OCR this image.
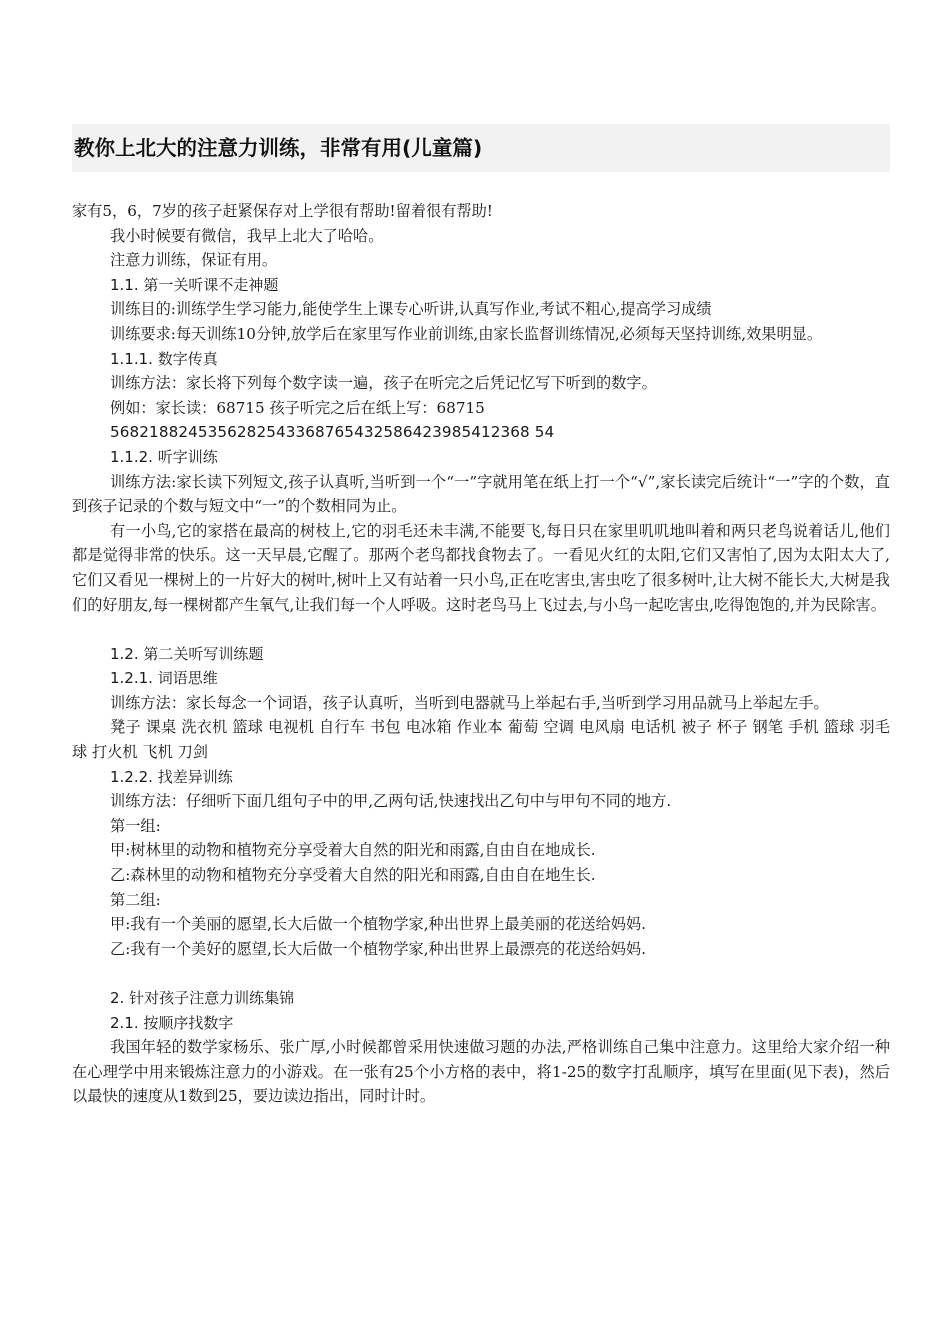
教你上北大的注意力训练，非常有用(儿童篇)

家有5，6，7岁的孩子赶紧保存对上学很有帮助!留着很有帮助!

我小时候要有微信，我早上北大了哈哈。

注意力训练，保证有用。

1.1. 第一关听课不走神题

训练目的:训练学生学习能力,能使学生上课专心听讲,认真写作业,考试不粗心,提高学习成绩

训练要求:每天训练10分钟,放学后在家里写作业前训练,由家长监督训练情况,必须每天坚持训练,效果明显。

1.1.1. 数字传真

训练方法：家长将下列每个数字读一遍，孩子在听完之后凭记忆写下听到的数字。

例如：家长读：68715 孩子听完之后在纸上写：68715

5682188245356282543368765432586423985412368 54

1.1.2. 听字训练

训练方法:家长读下列短文,孩子认真听,当听到一个“一”字就用笔在纸上打一个“√”,家长读完后统计“一”字的个数，直到孩子记录的个数与短文中“一”的个数相同为止。

有一小鸟,它的家搭在最高的树枝上,它的羽毛还未丰满,不能要飞,每日只在家里叽叽地叫着和两只老鸟说着话儿,他们都是觉得非常的快乐。这一天早晨,它醒了。那两个老鸟都找食物去了。一看见火红的太阳,它们又害怕了,因为太阳太大了,它们又看见一棵树上的一片好大的树叶,树叶上又有站着一只小鸟,正在吃害虫,害虫吃了很多树叶,让大树不能长大,大树是我们的好朋友,每一棵树都产生氧气,让我们每一个人呼吸。这时老鸟马上飞过去,与小鸟一起吃害虫,吃得饱饱的,并为民除害。

1.2. 第二关听写训练题

1.2.1. 词语思维

训练方法：家长每念一个词语，孩子认真听，当听到电器就马上举起右手,当听到学习用品就马上举起左手。

凳子 课桌 洗衣机 篮球 电视机 自行车 书包 电冰箱 作业本 葡萄 空调 电风扇 电话机 被子 杯子 钢笔 手机 篮球 羽毛球 打火机 飞机 刀剑

1.2.2. 找差异训练

训练方法：仔细听下面几组句子中的甲,乙两句话,快速找出乙句中与甲句不同的地方.

第一组:

甲:树林里的动物和植物充分享受着大自然的阳光和雨露,自由自在地成长.

乙:森林里的动物和植物充分享受着大自然的阳光和雨露,自由自在地生长.

第二组:

甲:我有一个美丽的愿望,长大后做一个植物学家,种出世界上最美丽的花送给妈妈.

乙:我有一个美好的愿望,长大后做一个植物学家,种出世界上最漂亮的花送给妈妈.

2. 针对孩子注意力训练集锦

2.1. 按顺序找数字

我国年轻的数学家杨乐、张广厚,小时候都曾采用快速做习题的办法,严格训练自己集中注意力。这里给大家介绍一种在心理学中用来锻炼注意力的小游戏。在一张有25个小方格的表中，将1-25的数字打乱顺序，填写在里面(见下表)，然后以最快的速度从1数到25，要边读边指出，同时计时。
